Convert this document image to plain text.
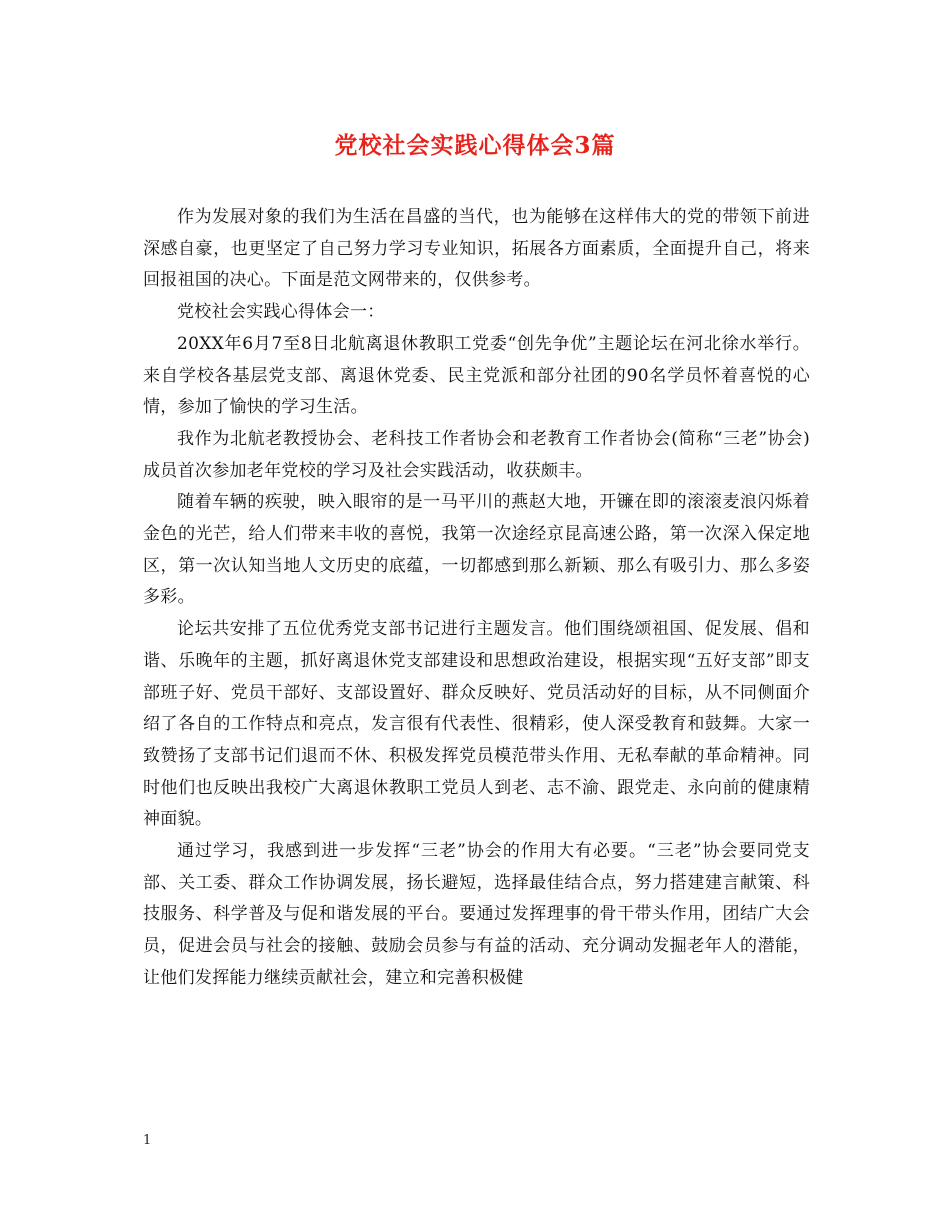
党校社会实践心得体会3篇

作为发展对象的我们为生活在昌盛的当代，也为能够在这样伟大的党的带领下前进深感自豪，也更坚定了自己努力学习专业知识，拓展各方面素质，全面提升自己，将来回报祖国的决心。下面是范文网带来的，仅供参考。

党校社会实践心得体会一：

20XX年6月7至8日北航离退休教职工党委“创先争优”主题论坛在河北徐水举行。来自学校各基层党支部、离退休党委、民主党派和部分社团的90名学员怀着喜悦的心情，参加了愉快的学习生活。

我作为北航老教授协会、老科技工作者协会和老教育工作者协会(简称“三老”协会)成员首次参加老年党校的学习及社会实践活动，收获颇丰。

随着车辆的疾驶，映入眼帘的是一马平川的燕赵大地，开镰在即的滚滚麦浪闪烁着金色的光芒，给人们带来丰收的喜悦，我第一次途经京昆高速公路，第一次深入保定地区，第一次认知当地人文历史的底蕴，一切都感到那么新颖、那么有吸引力、那么多姿多彩。

论坛共安排了五位优秀党支部书记进行主题发言。他们围绕颂祖国、促发展、倡和谐、乐晚年的主题，抓好离退休党支部建设和思想政治建设，根据实现“五好支部”即支部班子好、党员干部好、支部设置好、群众反映好、党员活动好的目标，从不同侧面介绍了各自的工作特点和亮点，发言很有代表性、很精彩，使人深受教育和鼓舞。大家一致赞扬了支部书记们退而不休、积极发挥党员模范带头作用、无私奉献的革命精神。同时他们也反映出我校广大离退休教职工党员人到老、志不渝、跟党走、永向前的健康精神面貌。

通过学习，我感到进一步发挥“三老”协会的作用大有必要。“三老”协会要同党支部、关工委、群众工作协调发展，扬长避短，选择最佳结合点，努力搭建建言献策、科技服务、科学普及与促和谐发展的平台。要通过发挥理事的骨干带头作用，团结广大会员，促进会员与社会的接触、鼓励会员参与有益的活动、充分调动发掘老年人的潜能，让他们发挥能力继续贡献社会，建立和完善积极健

1
